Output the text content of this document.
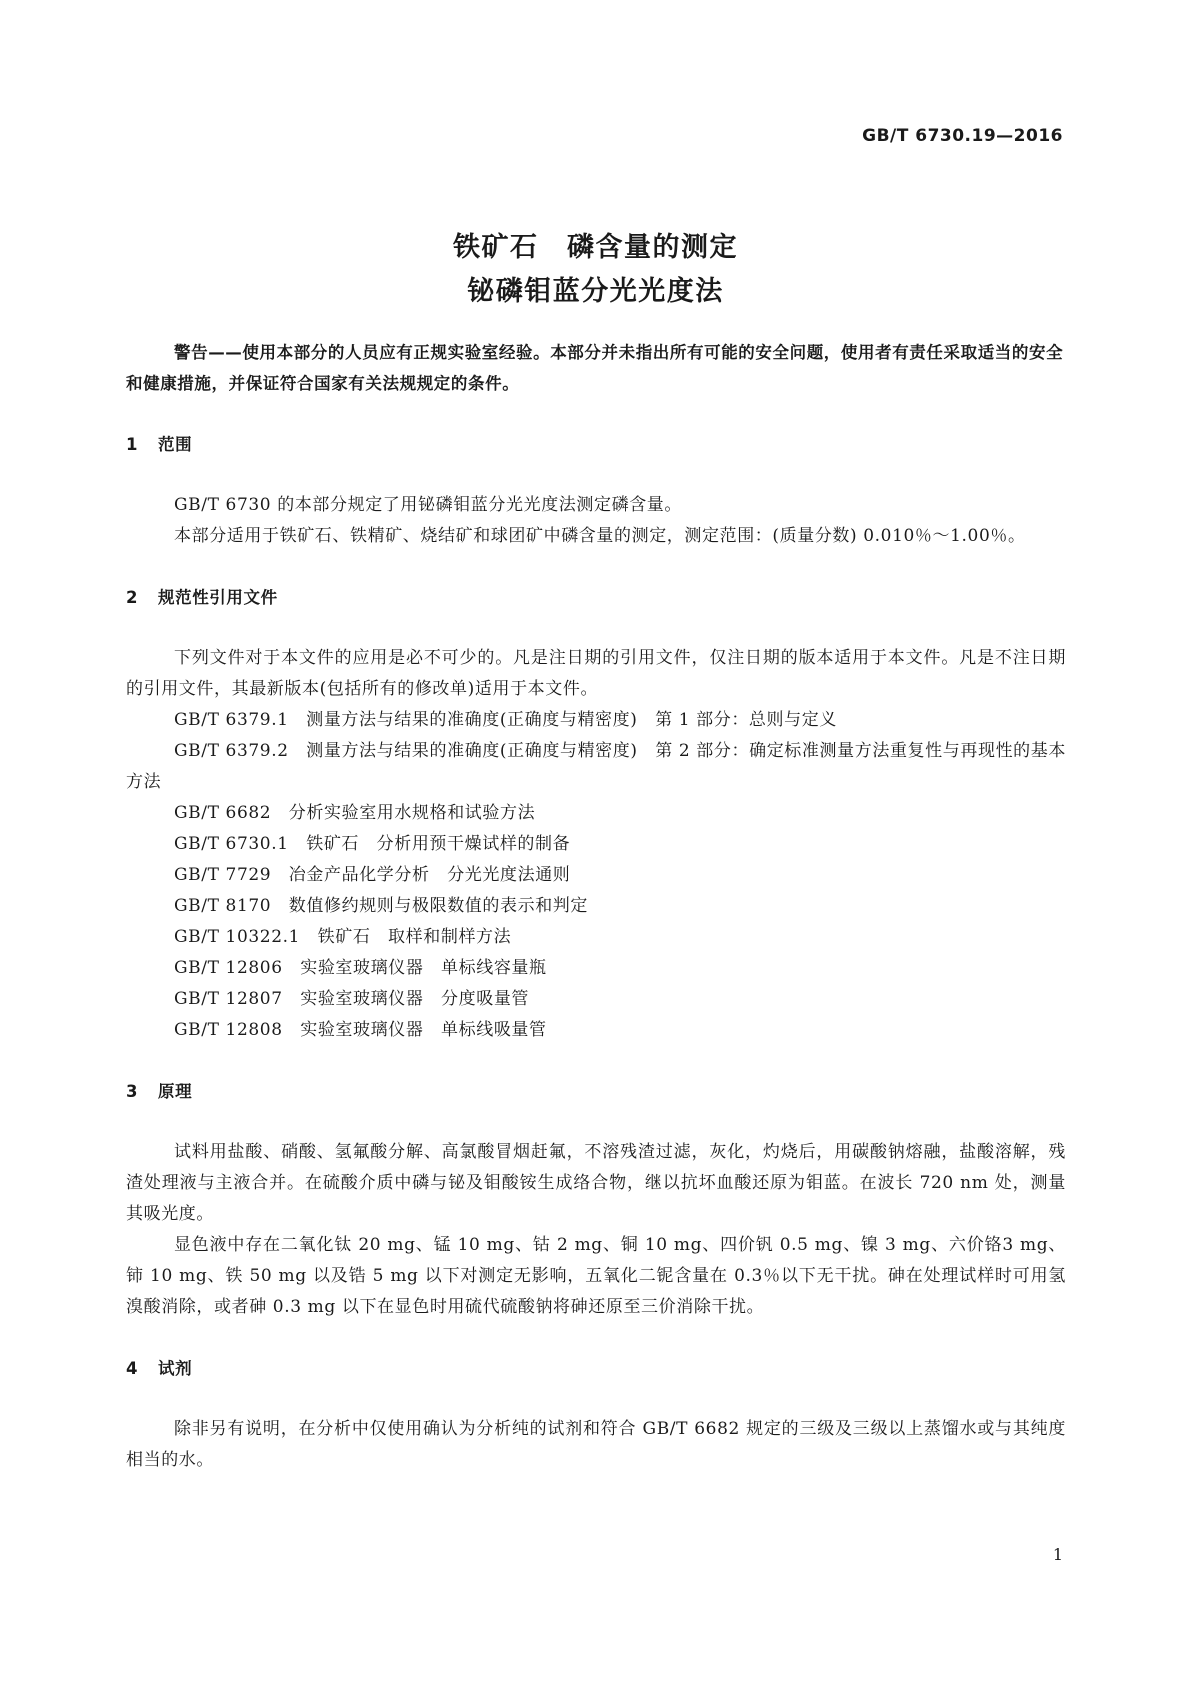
GB/T 6730.19—2016
铁矿石　磷含量的测定
铋磷钼蓝分光光度法

警告——使用本部分的人员应有正规实验室经验。本部分并未指出所有可能的安全问题，使用者有责任采取适当的安全和健康措施，并保证符合国家有关法规规定的条件。

1 范围

GB/T 6730 的本部分规定了用铋磷钼蓝分光光度法测定磷含量。

本部分适用于铁矿石、铁精矿、烧结矿和球团矿中磷含量的测定，测定范围：(质量分数) 0.010％～1.00％。

2 规范性引用文件

下列文件对于本文件的应用是必不可少的。凡是注日期的引用文件，仅注日期的版本适用于本文件。凡是不注日期的引用文件，其最新版本(包括所有的修改单)适用于本文件。

GB/T 6379.1　测量方法与结果的准确度(正确度与精密度)　第 1 部分：总则与定义

GB/T 6379.2　测量方法与结果的准确度(正确度与精密度)　第 2 部分：确定标准测量方法重复性与再现性的基本方法

GB/T 6682　分析实验室用水规格和试验方法

GB/T 6730.1　铁矿石　分析用预干燥试样的制备

GB/T 7729　冶金产品化学分析　分光光度法通则

GB/T 8170　数值修约规则与极限数值的表示和判定

GB/T 10322.1　铁矿石　取样和制样方法

GB/T 12806　实验室玻璃仪器　单标线容量瓶

GB/T 12807　实验室玻璃仪器　分度吸量管

GB/T 12808　实验室玻璃仪器　单标线吸量管

3 原理

试料用盐酸、硝酸、氢氟酸分解、高氯酸冒烟赶氟，不溶残渣过滤，灰化，灼烧后，用碳酸钠熔融，盐酸溶解，残渣处理液与主液合并。在硫酸介质中磷与铋及钼酸铵生成络合物，继以抗坏血酸还原为钼蓝。在波长 720 nm 处，测量其吸光度。

显色液中存在二氧化钛 20 mg、锰 10 mg、钴 2 mg、铜 10 mg、四价钒 0.5 mg、镍 3 mg、六价铬3 mg、铈 10 mg、铁 50 mg 以及锆 5 mg 以下对测定无影响，五氧化二铌含量在 0.3％以下无干扰。砷在处理试样时可用氢溴酸消除，或者砷 0.3 mg 以下在显色时用硫代硫酸钠将砷还原至三价消除干扰。

4 试剂

除非另有说明，在分析中仅使用确认为分析纯的试剂和符合 GB/T 6682 规定的三级及三级以上蒸馏水或与其纯度相当的水。

1
